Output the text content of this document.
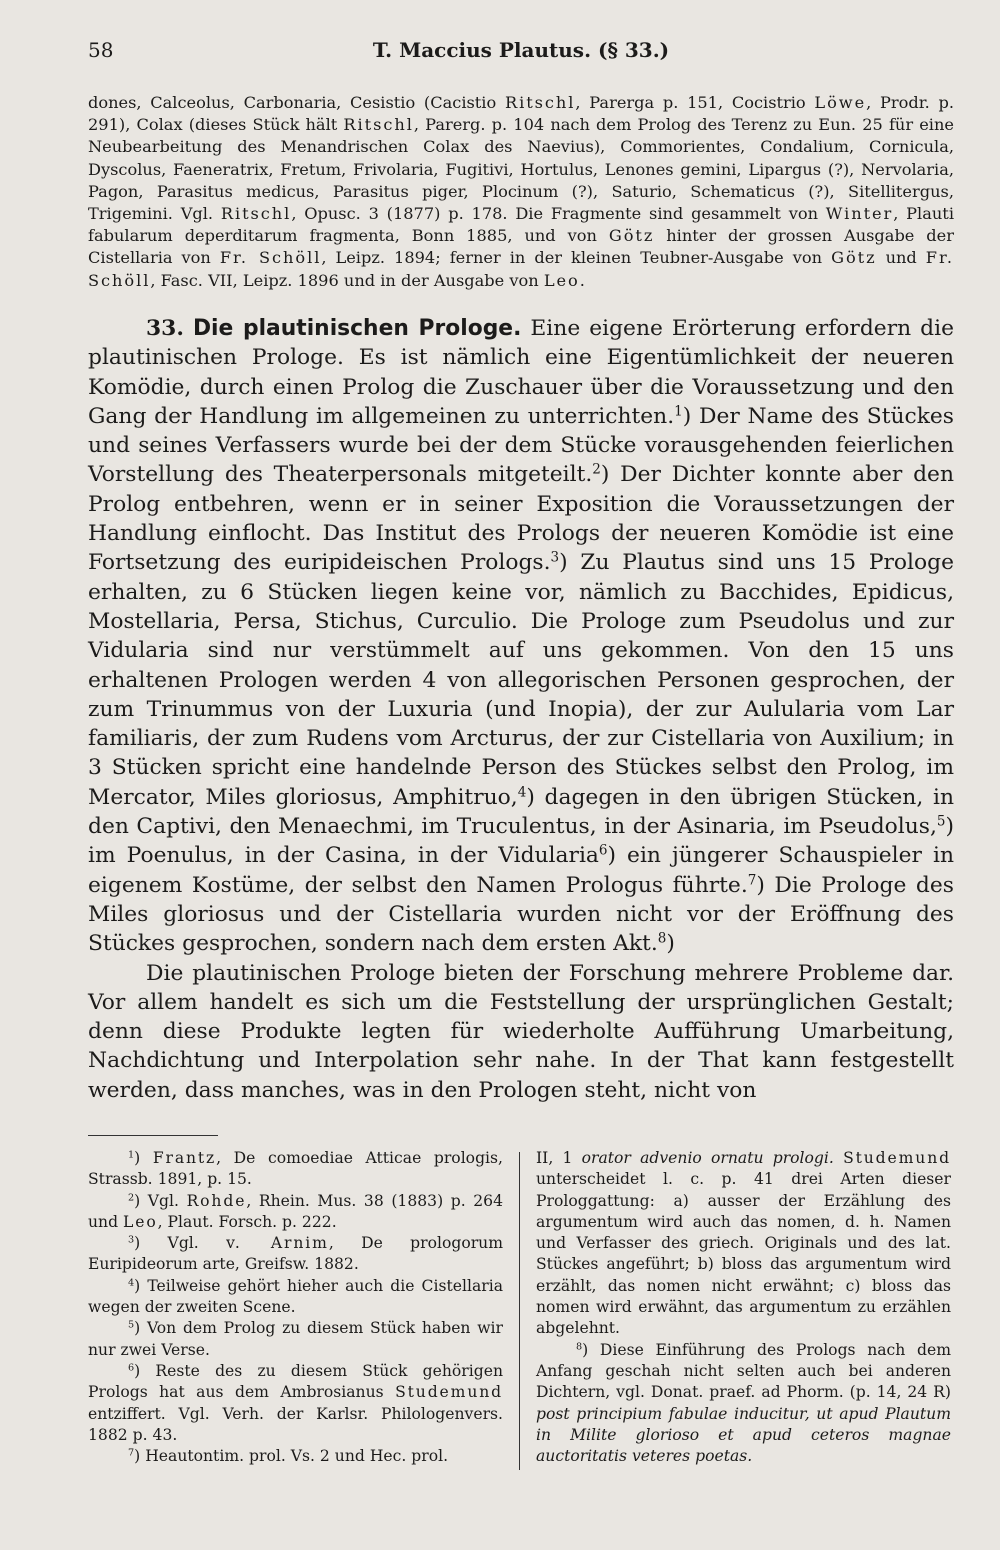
58	T. Maccius Plautus. (§ 33.)

dones, Calceolus, Carbonaria, Cesistio (Cacistio Ritschl, Parerga p. 151, Cocistrio Löwe, Prodr. p. 291), Colax (dieses Stück hält Ritschl, Parerg. p. 104 nach dem Prolog des Terenz zu Eun. 25 für eine Neubearbeitung des Menandrischen Colax des Naevius), Commorientes, Condalium, Cornicula, Dyscolus, Faeneratrix, Fretum, Frivolaria, Fugitivi, Hortulus, Lenones gemini, Lipargus (?), Nervolaria, Pagon, Parasitus medicus, Parasitus piger, Plocinum (?), Saturio, Schematicus (?), Sitellitergus, Trigemini. Vgl. Ritschl, Opusc. 3 (1877) p. 178. Die Fragmente sind gesammelt von Winter, Plauti fabularum deperditarum fragmenta, Bonn 1885, und von Götz hinter der grossen Ausgabe der Cistellaria von Fr. Schöll, Leipz. 1894; ferner in der kleinen Teubner-Ausgabe von Götz und Fr. Schöll, Fasc. VII, Leipz. 1896 und in der Ausgabe von Leo.

33. Die plautinischen Prologe. Eine eigene Erörterung erfordern die plautinischen Prologe. Es ist nämlich eine Eigentümlichkeit der neueren Komödie, durch einen Prolog die Zuschauer über die Voraussetzung und den Gang der Handlung im allgemeinen zu unterrichten.$^1$) Der Name des Stückes und seines Verfassers wurde bei der dem Stücke vorausgehenden feierlichen Vorstellung des Theaterpersonals mitgeteilt.$^2$) Der Dichter konnte aber den Prolog entbehren, wenn er in seiner Exposition die Voraussetzungen der Handlung einflocht. Das Institut des Prologs der neueren Komödie ist eine Fortsetzung des euripideischen Prologs.$^3$) Zu Plautus sind uns 15 Prologe erhalten, zu 6 Stücken liegen keine vor, nämlich zu Bacchides, Epidicus, Mostellaria, Persa, Stichus, Curculio. Die Prologe zum Pseudolus und zur Vidularia sind nur verstümmelt auf uns gekommen. Von den 15 uns erhaltenen Prologen werden 4 von allegorischen Personen gesprochen, der zum Trinummus von der Luxuria (und Inopia), der zur Aulularia vom Lar familiaris, der zum Rudens vom Arcturus, der zur Cistellaria von Auxilium; in 3 Stücken spricht eine handelnde Person des Stückes selbst den Prolog, im Mercator, Miles gloriosus, Amphitruo,$^4$) dagegen in den übrigen Stücken, in den Captivi, den Menaechmi, im Truculentus, in der Asinaria, im Pseudolus,$^5$) im Poenulus, in der Casina, in der Vidularia$^6$) ein jüngerer Schauspieler in eigenem Kostüme, der selbst den Namen Prologus führte.$^7$) Die Prologe des Miles gloriosus und der Cistellaria wurden nicht vor der Eröffnung des Stückes gesprochen, sondern nach dem ersten Akt.$^8$)

Die plautinischen Prologe bieten der Forschung mehrere Probleme dar. Vor allem handelt es sich um die Feststellung der ursprünglichen Gestalt; denn diese Produkte legten für wiederholte Aufführung Umarbeitung, Nachdichtung und Interpolation sehr nahe. In der That kann festgestellt werden, dass manches, was in den Prologen steht, nicht von

$^1$) Frantz, De comoediae Atticae prologis, Strassb. 1891, p. 15.

$^2$) Vgl. Rohde, Rhein. Mus. 38 (1883) p. 264 und Leo, Plaut. Forsch. p. 222.

$^3$) Vgl. v. Arnim, De prologorum Euripideorum arte, Greifsw. 1882.

$^4$) Teilweise gehört hieher auch die Cistellaria wegen der zweiten Scene.

$^5$) Von dem Prolog zu diesem Stück haben wir nur zwei Verse.

$^6$) Reste des zu diesem Stück gehörigen Prologs hat aus dem Ambrosianus Studemund entziffert. Vgl. Verh. der Karlsr. Philologenvers. 1882 p. 43.

$^7$) Heautontim. prol. Vs. 2 und Hec. prol.

II, 1 orator advenio ornatu prologi. Studemund unterscheidet l. c. p. 41 drei Arten dieser Prologgattung: a) ausser der Erzählung des argumentum wird auch das nomen, d. h. Namen und Verfasser des griech. Originals und des lat. Stückes angeführt; b) bloss das argumentum wird erzählt, das nomen nicht erwähnt; c) bloss das nomen wird erwähnt, das argumentum zu erzählen abgelehnt.

$^8$) Diese Einführung des Prologs nach dem Anfang geschah nicht selten auch bei anderen Dichtern, vgl. Donat. praef. ad Phorm. (p. 14, 24 R) post principium fabulae inducitur, ut apud Plautum in Milite glorioso et apud ceteros magnae auctoritatis veteres poetas.
